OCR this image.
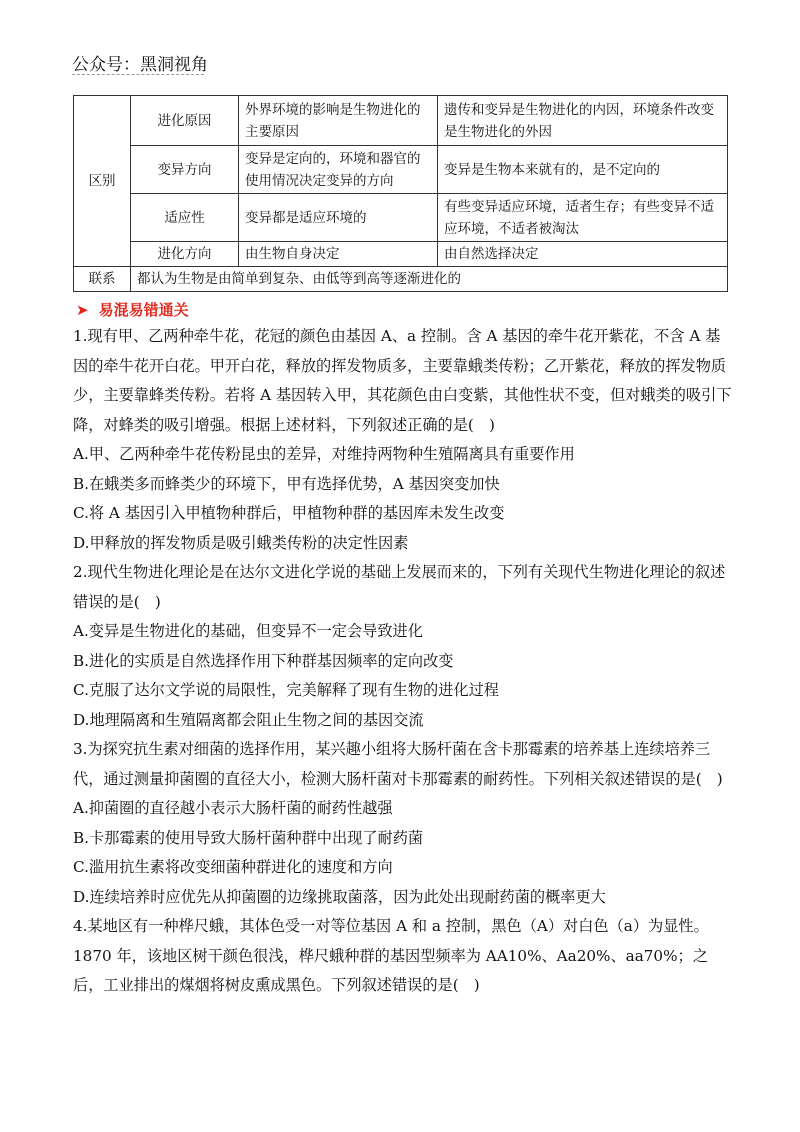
公众号：黑洞视角
区别	进化原因	外界环境的影响是生物进化的主要原因	遗传和变异是生物进化的内因，环境条件改变是生物进化的外因
	变异方向	变异是定向的，环境和器官的使用情况决定变异的方向	变异是生物本来就有的，是不定向的
	适应性	变异都是适应环境的	有些变异适应环境，适者生存；有些变异不适应环境，不适者被淘汰
	进化方向	由生物自身决定	由自然选择决定
联系	都认为生物是由简单到复杂、由低等到高等逐渐进化的		
➤ 易混易错通关

1.现有甲、乙两种牵牛花，花冠的颜色由基因 A、a 控制。含 A 基因的牵牛花开紫花，不含 A 基因的牵牛花开白花。甲开白花，释放的挥发物质多，主要靠蛾类传粉；乙开紫花，释放的挥发物质少，主要靠蜂类传粉。若将 A 基因转入甲，其花颜色由白变紫，其他性状不变，但对蛾类的吸引下降，对蜂类的吸引增强。根据上述材料，下列叙述正确的是(　)

A.甲、乙两种牵牛花传粉昆虫的差异，对维持两物种生殖隔离具有重要作用

B.在蛾类多而蜂类少的环境下，甲有选择优势，A 基因突变加快

C.将 A 基因引入甲植物种群后，甲植物种群的基因库未发生改变

D.甲释放的挥发物质是吸引蛾类传粉的决定性因素

2.现代生物进化理论是在达尔文进化学说的基础上发展而来的，下列有关现代生物进化理论的叙述错误的是(　)

A.变异是生物进化的基础，但变异不一定会导致进化

B.进化的实质是自然选择作用下种群基因频率的定向改变

C.克服了达尔文学说的局限性，完美解释了现有生物的进化过程

D.地理隔离和生殖隔离都会阻止生物之间的基因交流

3.为探究抗生素对细菌的选择作用，某兴趣小组将大肠杆菌在含卡那霉素的培养基上连续培养三代，通过测量抑菌圈的直径大小，检测大肠杆菌对卡那霉素的耐药性。下列相关叙述错误的是(　)

A.抑菌圈的直径越小表示大肠杆菌的耐药性越强

B.卡那霉素的使用导致大肠杆菌种群中出现了耐药菌

C.滥用抗生素将改变细菌种群进化的速度和方向

D.连续培养时应优先从抑菌圈的边缘挑取菌落，因为此处出现耐药菌的概率更大

4.某地区有一种桦尺蛾，其体色受一对等位基因 A 和 a 控制，黑色（A）对白色（a）为显性。1870 年，该地区树干颜色很浅，桦尺蛾种群的基因型频率为 AA10%、Aa20%、aa70%；之后，工业排出的煤烟将树皮熏成黑色。下列叙述错误的是(　)
